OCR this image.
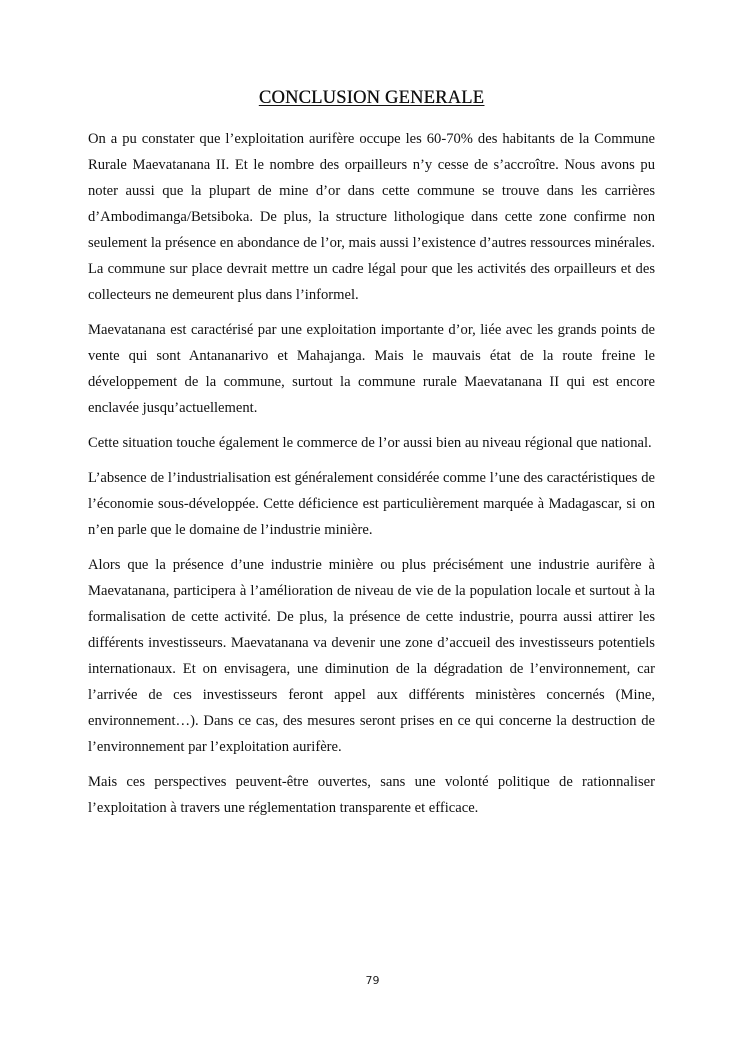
CONCLUSION GENERALE

On a pu constater que l’exploitation aurifère occupe les 60-70% des habitants de la Commune Rurale Maevatanana II. Et le nombre des orpailleurs n’y cesse de s’accroître. Nous avons pu noter aussi que la plupart de mine d’or dans cette commune se trouve dans les carrières d’Ambodimanga/Betsiboka. De plus, la structure lithologique dans cette zone confirme non seulement la présence en abondance de l’or, mais aussi l’existence d’autres ressources minérales. La commune sur place devrait mettre un cadre légal pour que les activités des orpailleurs et des collecteurs ne demeurent plus dans l’informel.

Maevatanana est caractérisé par une exploitation importante d’or, liée avec les grands points de vente qui sont Antananarivo et Mahajanga. Mais le mauvais état de la route freine le développement de la commune, surtout la commune rurale Maevatanana II qui est encore enclavée jusqu’actuellement.

Cette situation touche également le commerce de l’or aussi bien au niveau régional que national.

L’absence de l’industrialisation est généralement considérée comme l’une des caractéristiques de l’économie sous-développée. Cette déficience est particulièrement marquée à Madagascar, si on n’en parle que le domaine de l’industrie minière.

Alors que la présence d’une industrie minière ou plus précisément une industrie aurifère à Maevatanana, participera à l’amélioration de niveau de vie de la population locale et surtout à la formalisation de cette activité. De plus, la présence de cette industrie, pourra aussi attirer les différents investisseurs. Maevatanana va devenir une zone d’accueil des investisseurs potentiels internationaux. Et on envisagera, une diminution de la dégradation de l’environnement, car l’arrivée de ces investisseurs feront appel aux différents ministères concernés (Mine, environnement…). Dans ce cas, des mesures seront prises en ce qui concerne la destruction de l’environnement par l’exploitation aurifère.

Mais ces perspectives peuvent-être ouvertes, sans une volonté politique de rationnaliser l’exploitation à travers une réglementation transparente et efficace.

79
